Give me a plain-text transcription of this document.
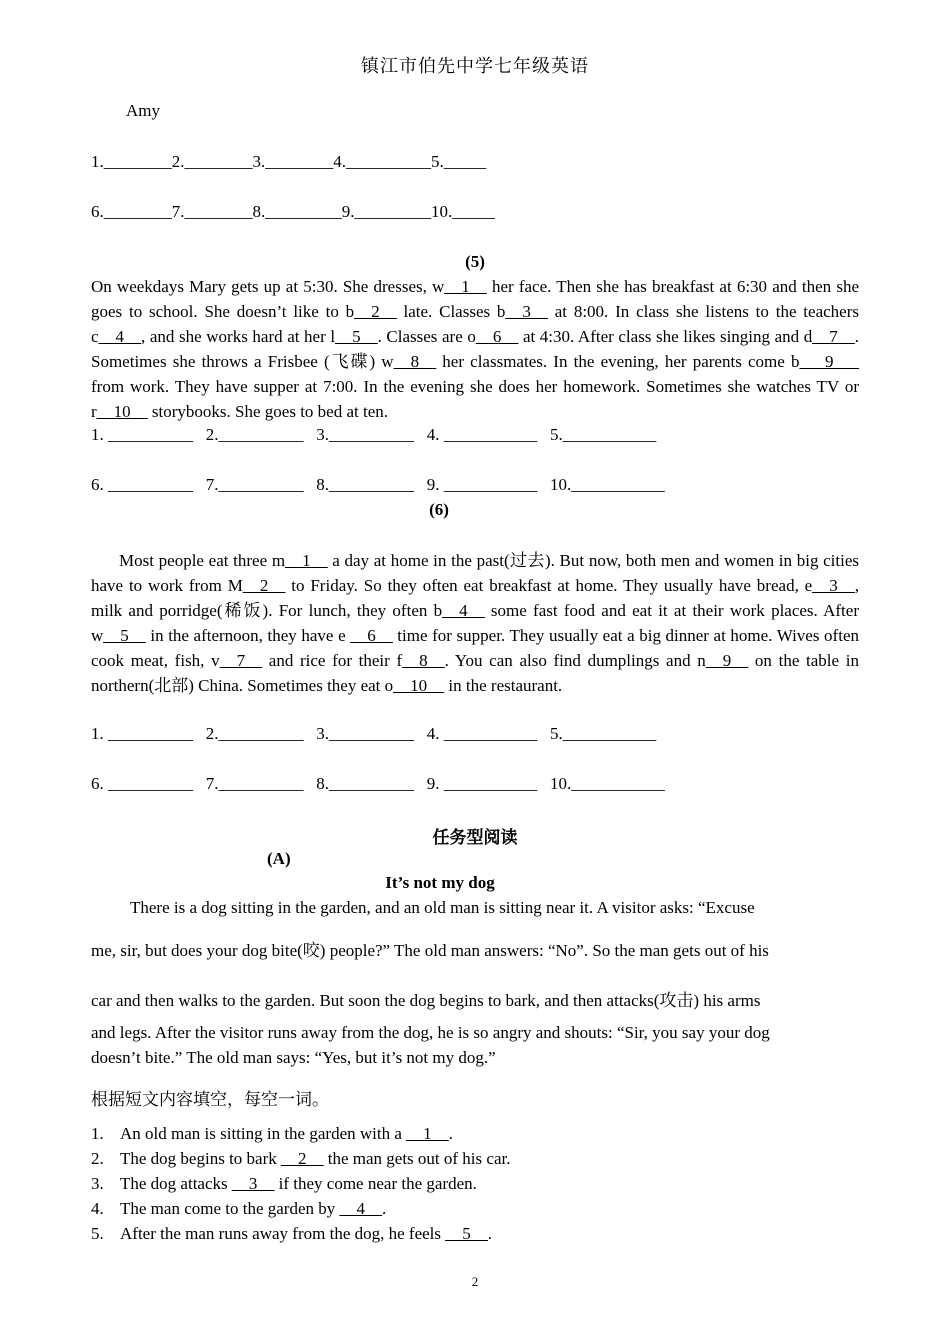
镇江市伯先中学七年级英语
Amy
1.________2.________3.________4.__________5._____
6.________7.________8._________9._________10._____
(5)
On weekdays Mary gets up at 5:30. She dresses, w__1__ her face. Then she has breakfast at 6:30 and then she goes to school. She doesn’t like to b__2__ late. Classes b__3__ at 8:00. In class she listens to the teachers c__4__, and she works hard at her l__5__. Classes are o__6__ at 4:30. After class she likes singing and d__7__. Sometimes she throws a Frisbee (飞碟) w__8__ her classmates. In the evening, her parents come b___9___ from work. They have supper at 7:00. In the evening she does her homework. Sometimes she watches TV or r__10__ storybooks. She goes to bed at ten.
1. __________   2.__________   3.__________   4. ___________   5.___________
6. __________   7.__________   8.__________   9. ___________   10.___________
(6)
Most people eat three m__1__ a day at home in the past(过去). But now, both men and women in big cities have to work from M__2__ to Friday. So they often eat breakfast at home. They usually have bread, e__3__, milk and porridge(稀饭). For lunch, they often b__4__ some fast food and eat it at their work places. After w__5__ in the afternoon, they have e __6__ time for supper. They usually eat a big dinner at home. Wives often cook meat, fish, v__7__ and rice for their f__8__. You can also find dumplings and n__9__ on the table in northern(北部) China. Sometimes they eat o__10__ in the restaurant.
1. __________   2.__________   3.__________   4. ___________   5.___________
6. __________   7.__________   8.__________   9. ___________   10.___________
任务型阅读
(A)
It’s not my dog
There is a dog sitting in the garden, and an old man is sitting near it. A visitor asks: “Excuse
me, sir, but does your dog bite(咬) people?” The old man answers: “No”. So the man gets out of his
car and then walks to the garden. But soon the dog begins to bark, and then attacks(攻击) his arms
and legs. After the visitor runs away from the dog, he is so angry and shouts: “Sir, you say your dog
doesn’t bite.” The old man says: “Yes, but it’s not my dog.”
根据短文内容填空，每空一词。
1. An old man is sitting in the garden with a __1__.
2. The dog begins to bark __2__ the man gets out of his car.
3. The dog attacks __3__ if they come near the garden.
4. The man come to the garden by __4__.
5. After the man runs away from the dog, he feels __5__.
2
